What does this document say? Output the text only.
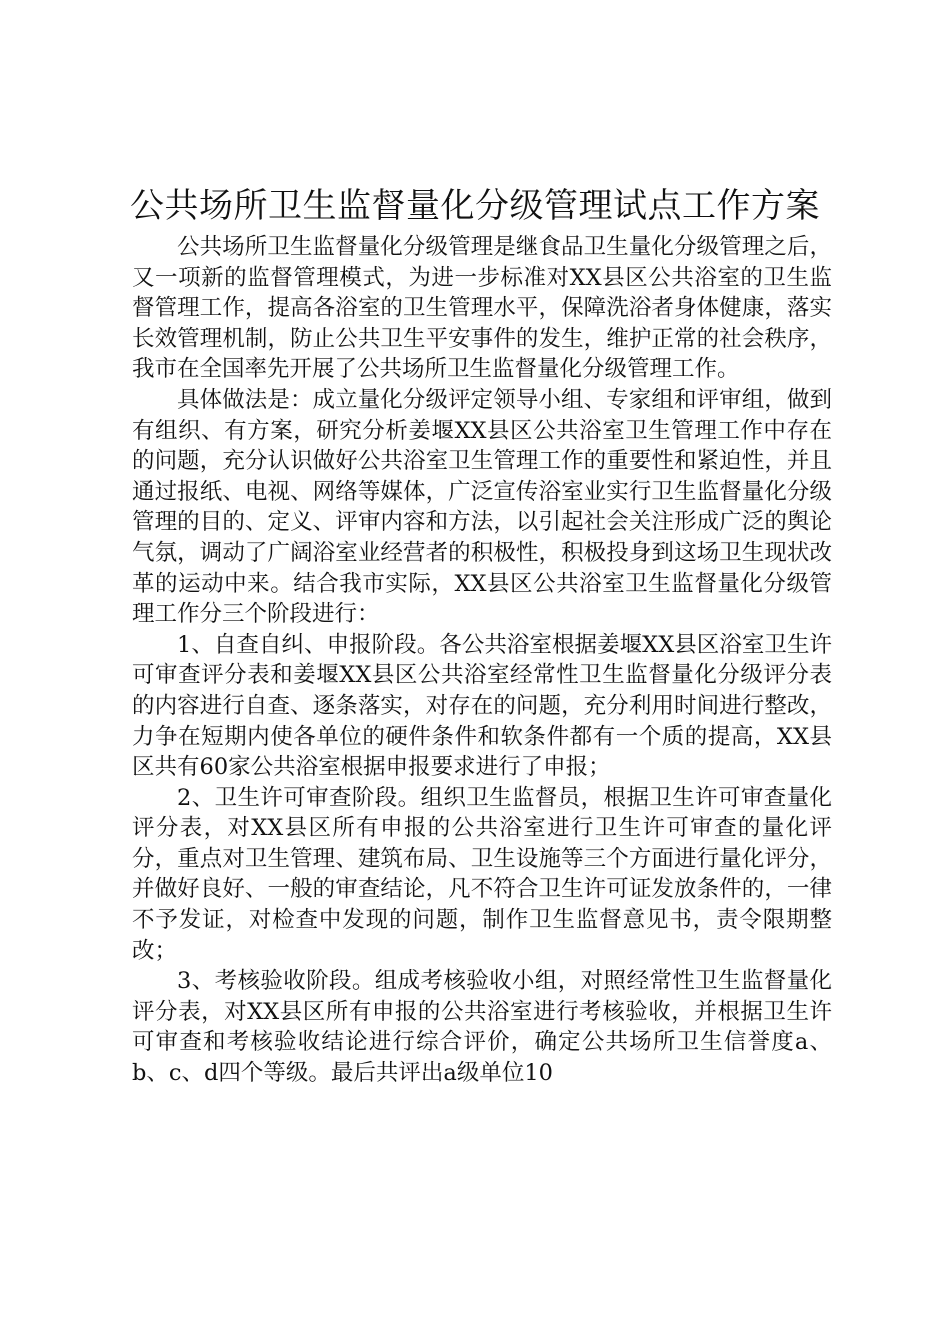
公共场所卫生监督量化分级管理试点工作方案

公共场所卫生监督量化分级管理是继食品卫生量化分级管理之后，又一项新的监督管理模式，为进一步标准对XX县区公共浴室的卫生监督管理工作，提高各浴室的卫生管理水平，保障洗浴者身体健康，落实长效管理机制，防止公共卫生平安事件的发生，维护正常的社会秩序，我市在全国率先开展了公共场所卫生监督量化分级管理工作。

具体做法是：成立量化分级评定领导小组、专家组和评审组，做到有组织、有方案，研究分析姜堰XX县区公共浴室卫生管理工作中存在的问题，充分认识做好公共浴室卫生管理工作的重要性和紧迫性，并且通过报纸、电视、网络等媒体，广泛宣传浴室业实行卫生监督量化分级管理的目的、定义、评审内容和方法，以引起社会关注形成广泛的舆论气氛，调动了广阔浴室业经营者的积极性，积极投身到这场卫生现状改革的运动中来。结合我市实际，XX县区公共浴室卫生监督量化分级管理工作分三个阶段进行：

1、自查自纠、申报阶段。各公共浴室根据姜堰XX县区浴室卫生许可审查评分表和姜堰XX县区公共浴室经常性卫生监督量化分级评分表的内容进行自查、逐条落实，对存在的问题，充分利用时间进行整改，力争在短期内使各单位的硬件条件和软条件都有一个质的提高，XX县区共有60家公共浴室根据申报要求进行了申报；

2、卫生许可审查阶段。组织卫生监督员，根据卫生许可审查量化评分表，对XX县区所有申报的公共浴室进行卫生许可审查的量化评分，重点对卫生管理、建筑布局、卫生设施等三个方面进行量化评分，并做好良好、一般的审查结论，凡不符合卫生许可证发放条件的，一律不予发证，对检查中发现的问题，制作卫生监督意见书，责令限期整改；

3、考核验收阶段。组成考核验收小组，对照经常性卫生监督量化评分表，对XX县区所有申报的公共浴室进行考核验收，并根据卫生许可审查和考核验收结论进行综合评价，确定公共场所卫生信誉度a、b、c、d四个等级。最后共评出a级单位10
